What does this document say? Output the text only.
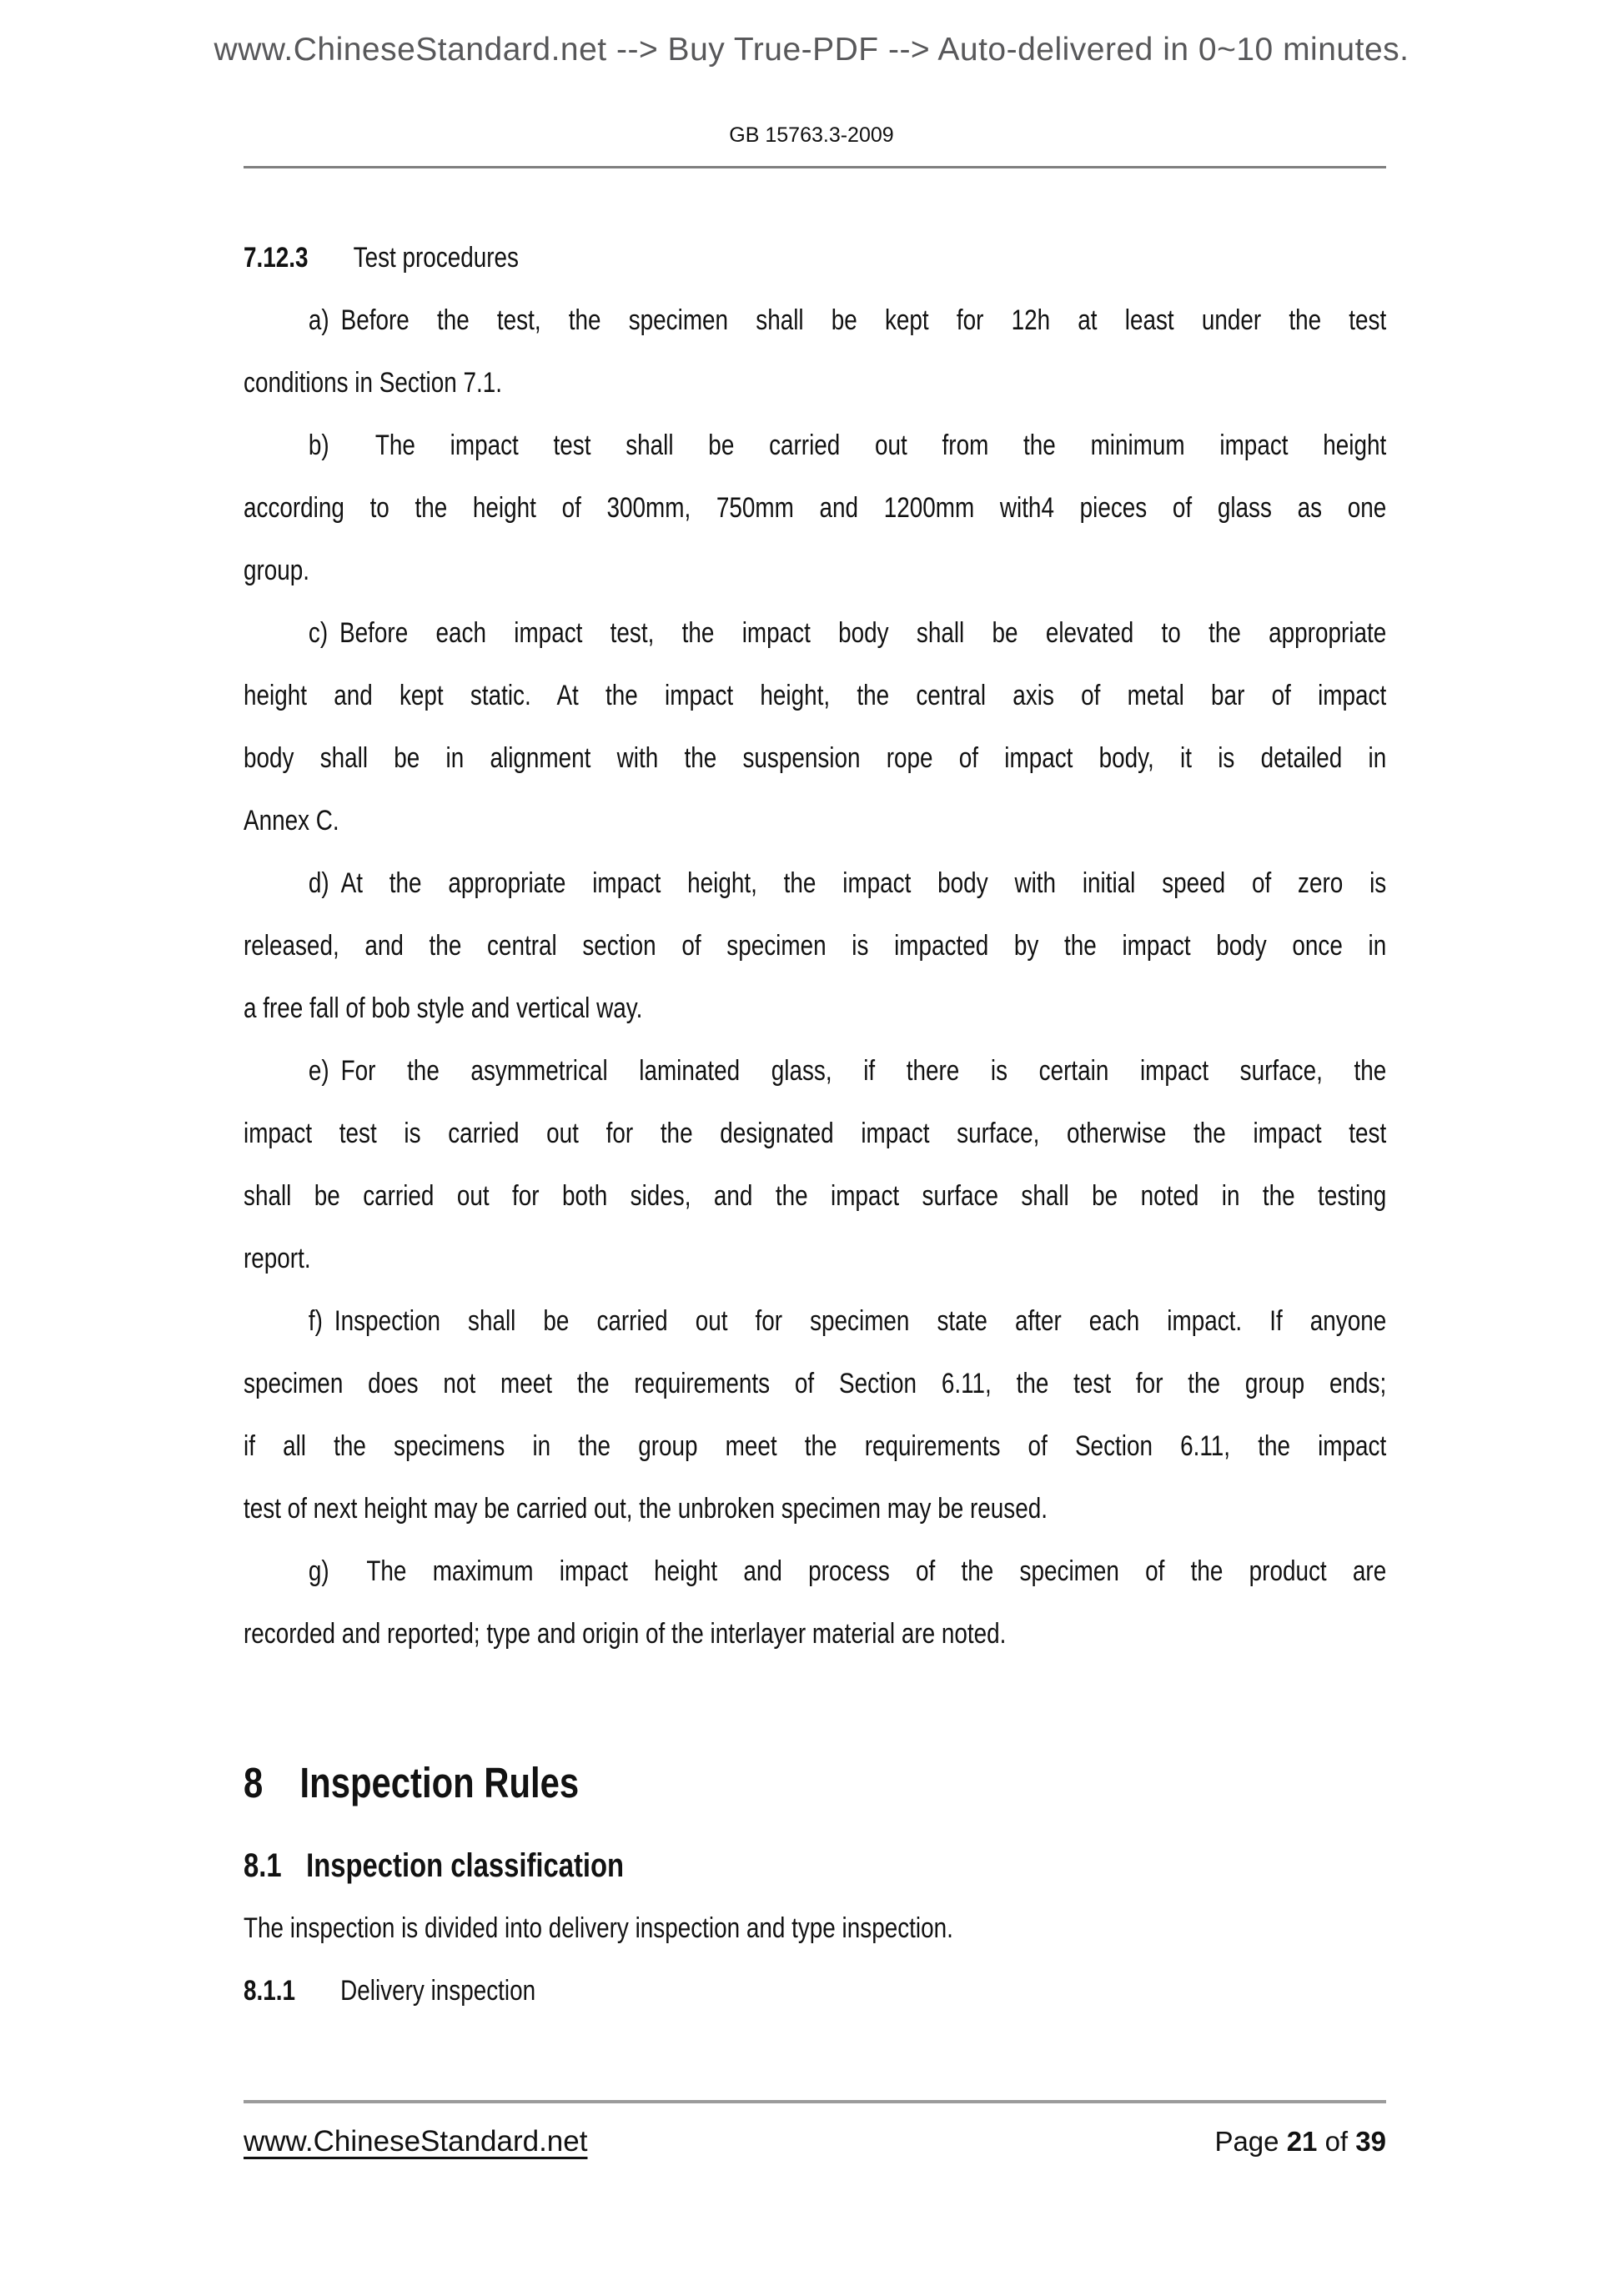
www.ChineseStandard.net --> Buy True-PDF --> Auto-delivered in 0~10 minutes.
GB 15763.3-2009
7.12.3 Test procedures
a) Before the test, the specimen shall be kept for 12h at least under the test
conditions in Section 7.1.
b)  The impact test shall be carried out from the minimum impact height
according to the height of 300mm, 750mm and 1200mm with4 pieces of glass as one
group.
c) Before each impact test, the impact body shall be elevated to the appropriate
height and kept static. At the impact height, the central axis of metal bar of impact
body shall be in alignment with the suspension rope of impact body, it is detailed in
Annex C.
d) At the appropriate impact height, the impact body with initial speed of zero is
released, and the central section of specimen is impacted by the impact body once in
a free fall of bob style and vertical way.
e) For the asymmetrical laminated glass, if there is certain impact surface, the
impact test is carried out for the designated impact surface, otherwise the impact test
shall be carried out for both sides, and the impact surface shall be noted in the testing
report.
f) Inspection shall be carried out for specimen state after each impact. If anyone
specimen does not meet the requirements of Section 6.11, the test for the group ends;
if all the specimens in the group meet the requirements of Section 6.11, the impact
test of next height may be carried out, the unbroken specimen may be reused.
g)  The maximum impact height and process of the specimen of the product are
recorded and reported; type and origin of the interlayer material are noted.
8 Inspection Rules
8.1 Inspection classification
The inspection is divided into delivery inspection and type inspection.
8.1.1 Delivery inspection
www.ChineseStandard.net	Page 21 of 39
